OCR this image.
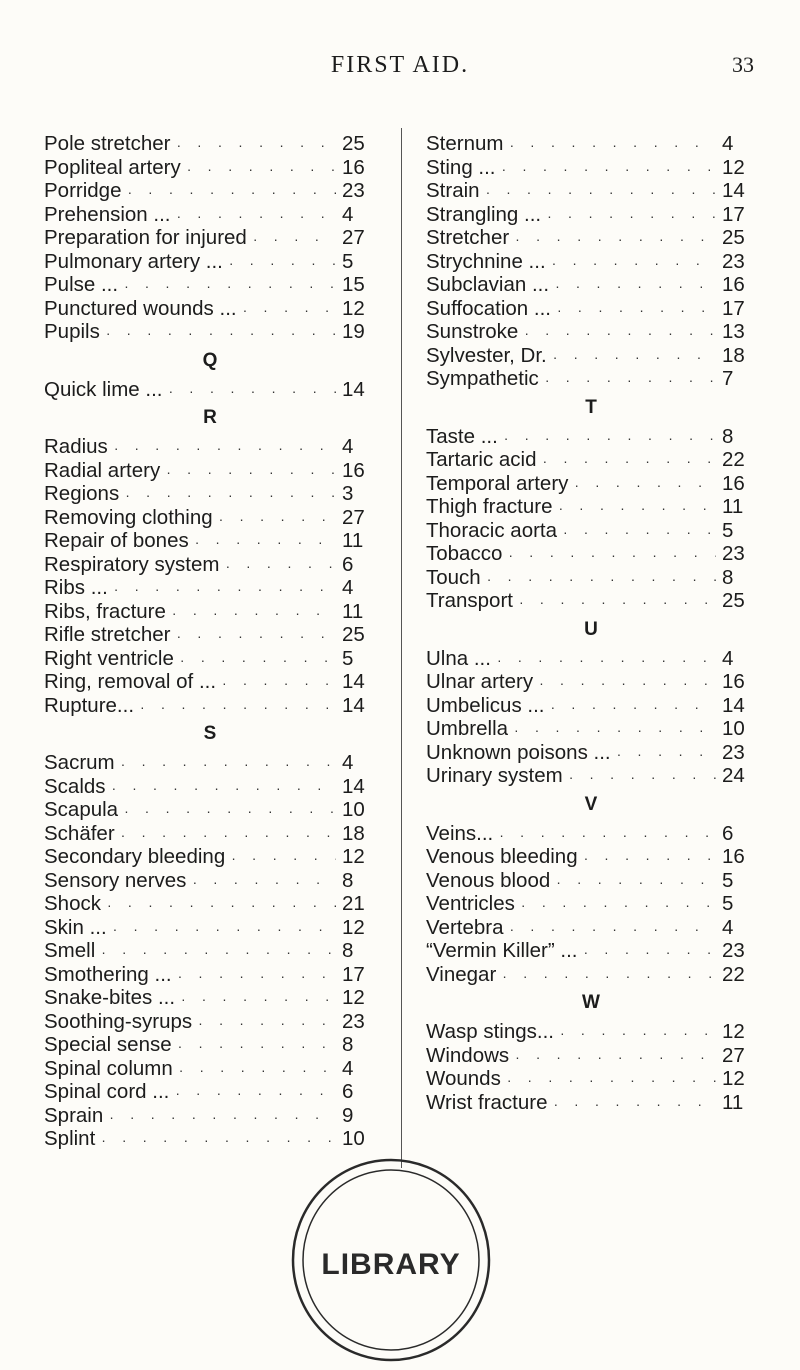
FIRST AID.	33
Pole stretcher · · ·	25
Popliteal artery · · ·	16
Porridge · · ·	23
Prehension ... · · ·	4
Preparation for injured · · ·	27
Pulmonary artery ... · · ·	5
Pulse ... · · ·	15
Punctured wounds ... · · ·	12
Pupils · · ·	19
Q
Quick lime ... · · ·	14
R
Radius · · ·	4
Radial artery · · ·	16
Regions · · ·	3
Removing clothing · · ·	27
Repair of bones · · ·	11
Respiratory system · · ·	6
Ribs ... · · ·	4
Ribs, fracture · · ·	11
Rifle stretcher · · ·	25
Right ventricle · · ·	5
Ring, removal of ... · · ·	14
Rupture... · · ·	14
S
Sacrum · · ·	4
Scalds · · ·	14
Scapula · · ·	10
Schäfer · · ·	18
Secondary bleeding · · ·	12
Sensory nerves · · ·	8
Shock · · ·	21
Skin ... · · ·	12
Smell · · ·	8
Smothering ... · · ·	17
Snake-bites ... · · ·	12
Soothing-syrups · · ·	23
Special sense · · ·	8
Spinal column · · ·	4
Spinal cord ... · · ·	6
Sprain · · ·	9
Splint · · ·	10
Sternum · · ·	4
Sting ... · · ·	12
Strain · · ·	14
Strangling ... · · ·	17
Stretcher · · ·	25
Strychnine ... · · ·	23
Subclavian ... · · ·	16
Suffocation ... · · ·	17
Sunstroke · · ·	13
Sylvester, Dr. · · ·	18
Sympathetic · · ·	7
T
Taste ... · · ·	8
Tartaric acid · · ·	22
Temporal artery · · ·	16
Thigh fracture · · ·	11
Thoracic aorta · · ·	5
Tobacco · · ·	23
Touch · · ·	8
Transport · · ·	25
U
Ulna ... · · ·	4
Ulnar artery · · ·	16
Umbelicus ... · · ·	14
Umbrella · · ·	10
Unknown poisons ... · · ·	23
Urinary system · · ·	24
V
Veins... · · ·	6
Venous bleeding · · ·	16
Venous blood · · ·	5
Ventricles · · ·	5
Vertebra · · ·	4
“Vermin Killer” ... · · ·	23
Vinegar · · ·	22
W
Wasp stings... · · ·	12
Windows · · ·	27
Wounds · · ·	12
Wrist fracture · · ·	11
LIBRARY
